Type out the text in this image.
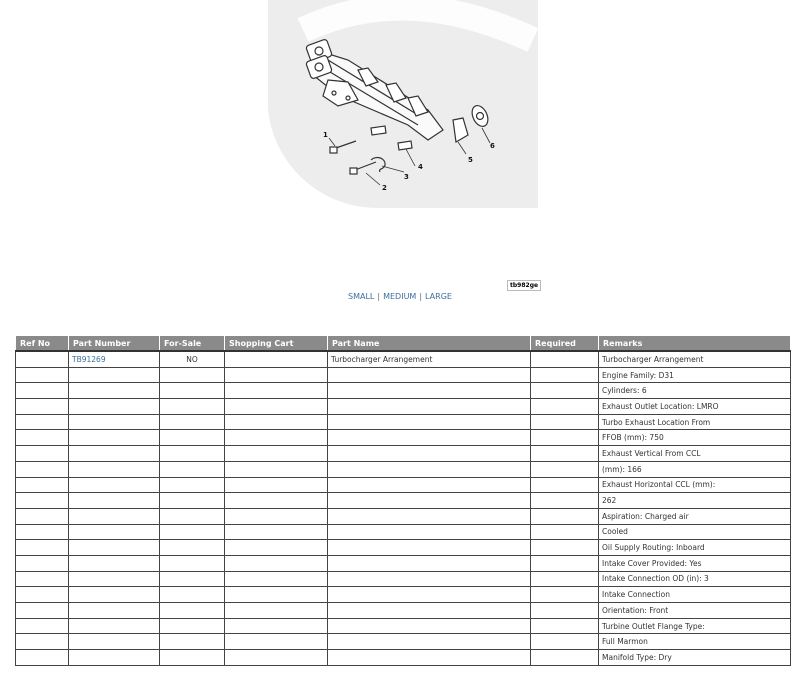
1
2
3
4
5
6
tb982ge
SMALL | MEDIUM | LARGE
Ref No	Part Number	For-Sale	Shopping Cart	Part Name	Required	Remarks
	TB91269	NO		Turbocharger Arrangement		Turbocharger Arrangement
						Engine Family: D31
						Cylinders: 6
						Exhaust Outlet Location: LMRO
						Turbo Exhaust Location From
						FFOB (mm): 750
						Exhaust Vertical From CCL
						(mm): 166
						Exhaust Horizontal CCL (mm):
						262
						Aspiration: Charged air
						Cooled
						Oil Supply Routing: Inboard
						Intake Cover Provided: Yes
						Intake Connection OD (in): 3
						Intake Connection
						Orientation: Front
						Turbine Outlet Flange Type:
						Full Marmon
						Manifold Type: Dry
